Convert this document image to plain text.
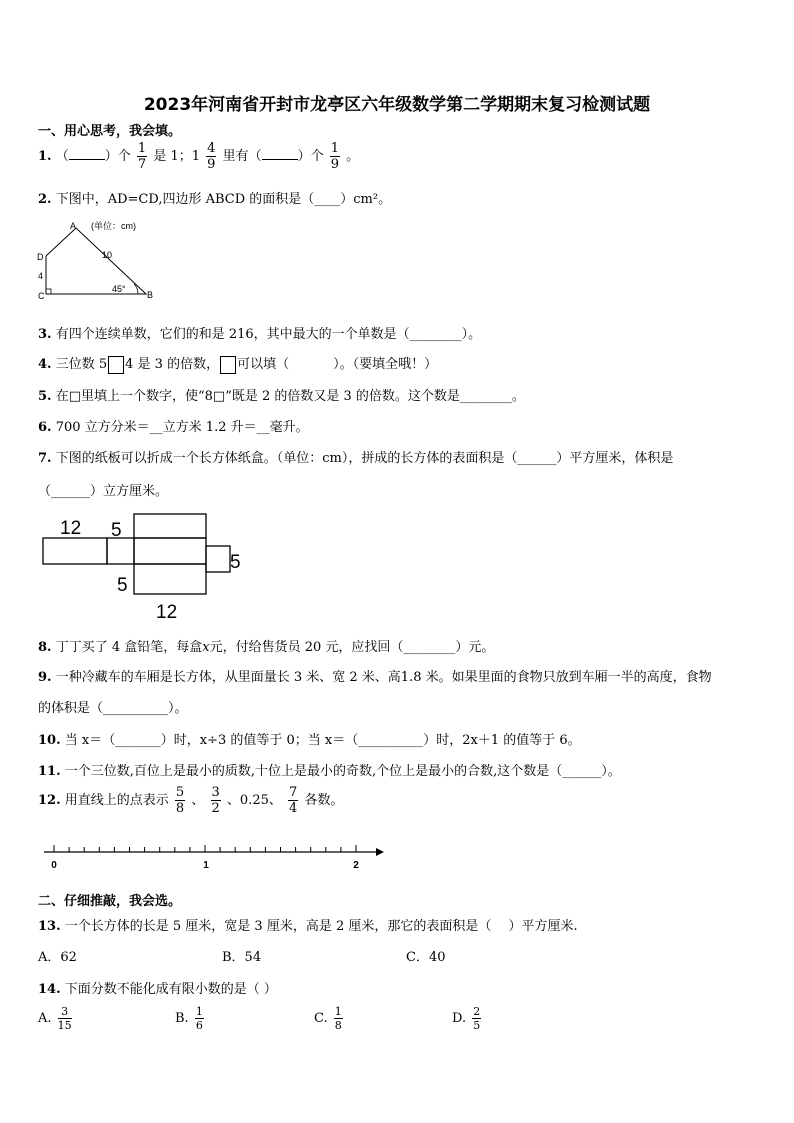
2023年河南省开封市龙亭区六年级数学第二学期期末复习检测试题
一、用心思考，我会填。
1. （	）个 $\frac{1}{7}$ 是 1；$1 \frac{4}{9}$ 里有（	）个 $\frac{1}{9}$ 。
2. 下图中，AD=CD,四边形 ABCD 的面积是（____）cm²。
A
B
C
D
(单位：cm)
10
4
45°
3. 有四个连续单数，它们的和是 216，其中最大的一个单数是（________）。
4. 三位数 5 4 是 3 的倍数， 可以填（	）。（要填全哦！）
5. 在□里填上一个数字，使“8□”既是 2 的倍数又是 3 的倍数。这个数是________。
6. 700 立方分米＝__立方米 1.2 升＝__毫升。
7. 下图的纸板可以折成一个长方体纸盒。（单位：cm），拼成的长方体的表面积是（______）平方厘米，体积是
（______）立方厘米。
12 5
5
5
12
8. 丁丁买了 4 盒铅笔，每盒x元，付给售货员 20 元，应找回（________）元。
9. 一种冷藏车的车厢是长方体，从里面量长 3 米、宽 2 米、高1.8 米。如果里面的食物只放到车厢一半的高度，食物
的体积是（__________）。
10. 当 x＝（_______）时，x÷3 的值等于 0；当 x＝（__________）时，2x＋1 的值等于 6。
11. 一个三位数,百位上是最小的质数,十位上是最小的奇数,个位上是最小的合数,这个数是（______）。
12. 用直线上的点表示 $\frac{5}{8}$ 、 $\frac{3}{2}$ 、0.25、 $\frac{7}{4}$ 各数。
0	1	2
二、仔细推敲，我会选。
13. 一个长方体的长是 5 厘米，宽是 3 厘米，高是 2 厘米，那它的表面积是（　 ）平方厘米.
A．62	B．54	C．40
14. 下面分数不能化成有限小数的是（ ）
A. $\frac{3}{15}$	B. $\frac{1}{6}$	C. $\frac{1}{8}$	D. $\frac{2}{5}$
